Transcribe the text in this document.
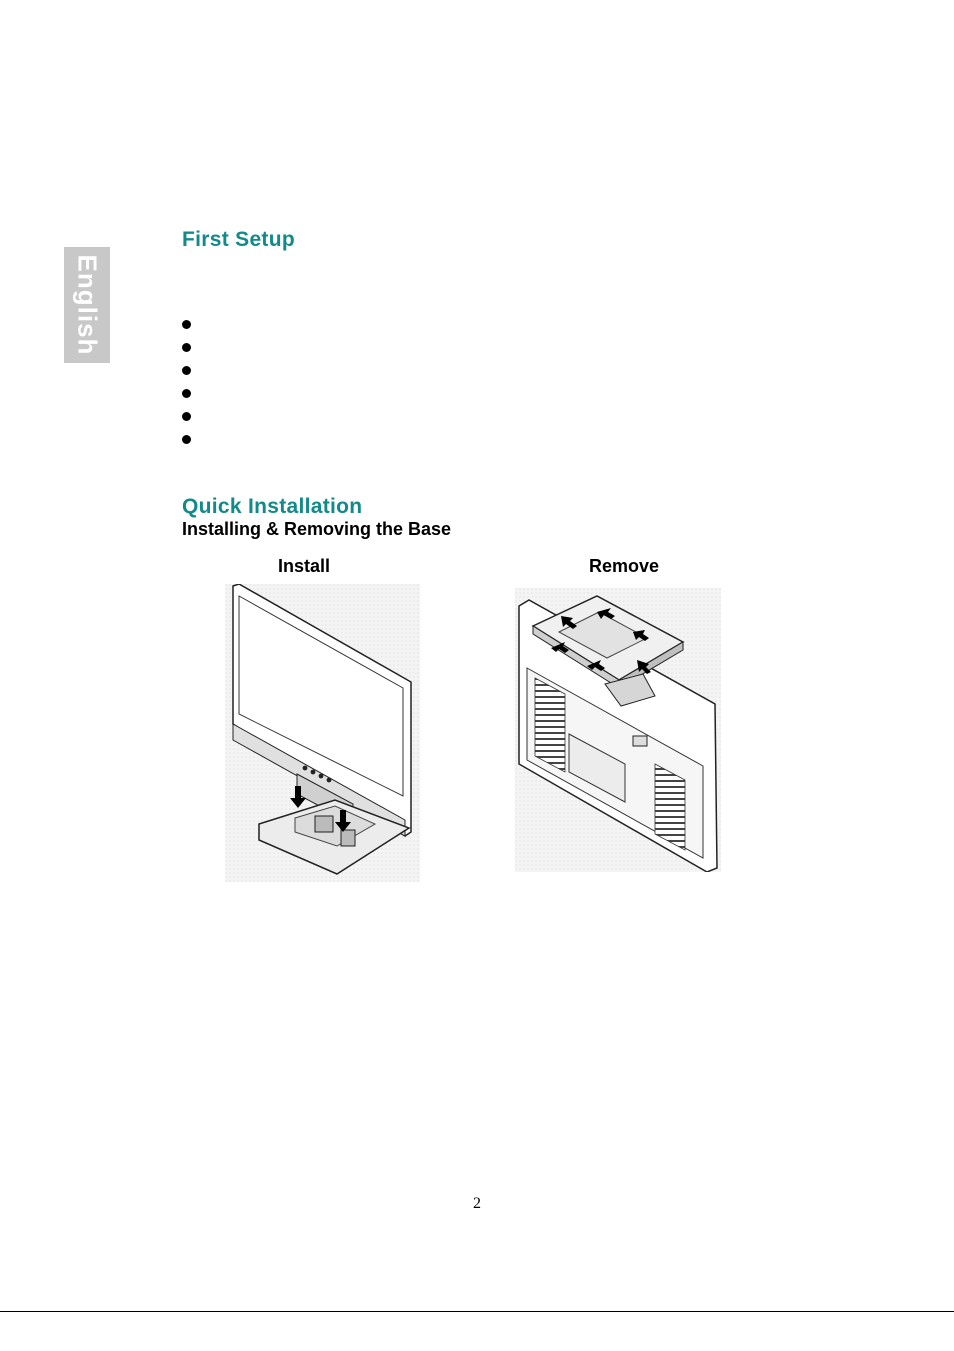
English
First Setup
Quick Installation
Installing & Removing the Base
Install	Remove
2
